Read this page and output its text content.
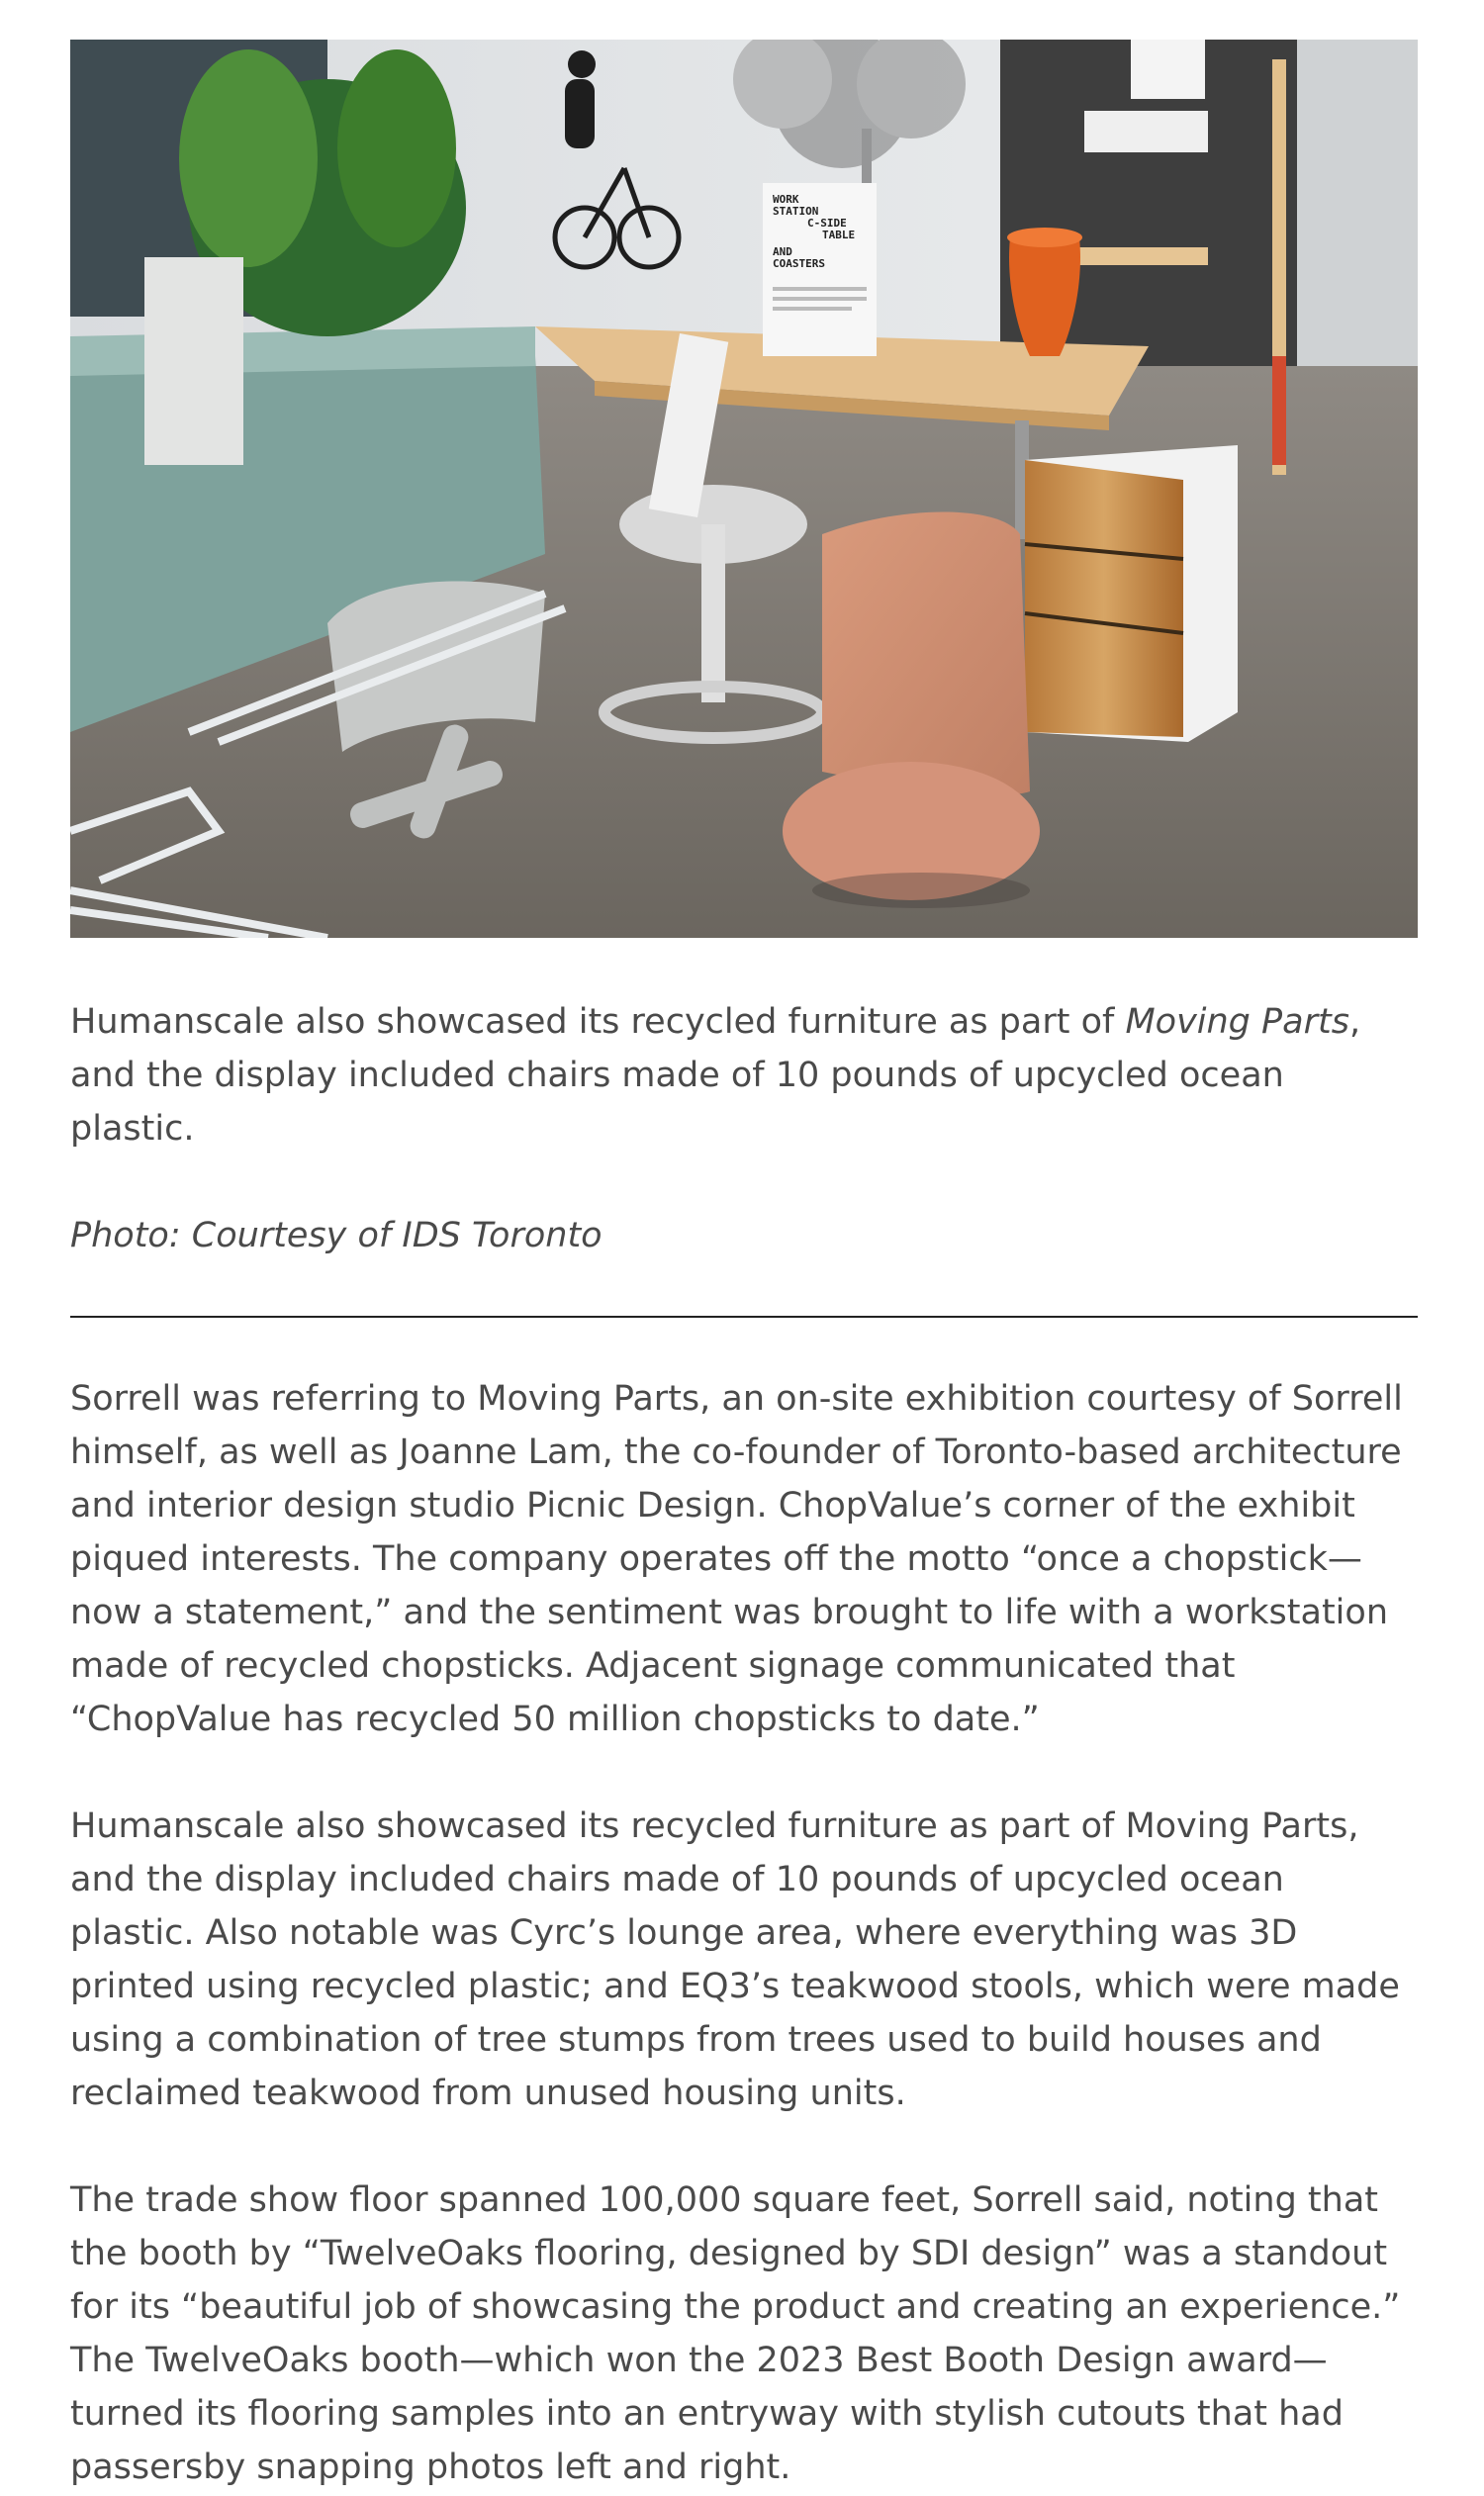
WORK
STATION
C-SIDE
TABLE
AND
COASTERS

Humanscale also showcased its recycled furniture as part of Moving Parts, and the display included chairs made of 10 pounds of upcycled ocean plastic.

Photo: Courtesy of IDS Toronto

Sorrell was referring to Moving Parts, an on-site exhibition courtesy of Sorrell himself, as well as Joanne Lam, the co-founder of Toronto-based architecture and interior design studio Picnic Design. ChopValue’s corner of the exhibit piqued interests. The company operates off the motto “once a chopstick—now a statement,” and the sentiment was brought to life with a workstation made of recycled chopsticks. Adjacent signage communicated that “ChopValue has recycled 50 million chopsticks to date.”

Humanscale also showcased its recycled furniture as part of Moving Parts, and the display included chairs made of 10 pounds of upcycled ocean plastic. Also notable was Cyrc’s lounge area, where everything was 3D printed using recycled plastic; and EQ3’s teakwood stools, which were made using a combination of tree stumps from trees used to build houses and reclaimed teakwood from unused housing units.

The trade show floor spanned 100,000 square feet, Sorrell said, noting that the booth by “TwelveOaks flooring, designed by SDI design” was a standout for its “beautiful job of showcasing the product and creating an experience.” The TwelveOaks booth—which won the 2023 Best Booth Design award—turned its flooring samples into an entryway with stylish cutouts that had passersby snapping photos left and right.
